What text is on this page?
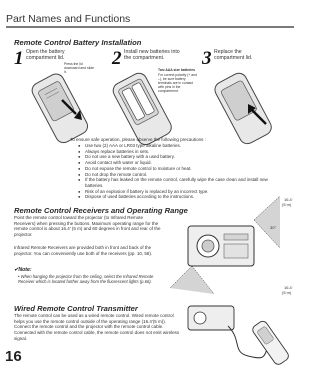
Part Names and Functions
Remote Control Battery Installation
1 Open the battery compartment lid.
Press the lid downward and slide it.
2 Install new batteries into the compartment.
Two AAA size batteries
For correct polarity (+ and –), be sure battery terminals are in contact with pins in the compartment.
3 Replace the compartment lid.
To ensure safe operation, please observe the following precautions :
● Use two (2) AAA or LR03 type alkaline batteries.
● Always replace batteries in sets.
● Do not use a new battery with a used battery.
● Avoid contact with water or liquid.
● Do not expose the remote control to moisture or heat.
● Do not drop the remote control.
● If the battery has leaked on the remote control, carefully wipe the case clean and install new batteries.
● Risk of an explosion if battery is replaced by an incorrect type.
● Dispose of used batteries according to the instructions.
Remote Control Receivers and Operating Range
Point the remote control toward the projector (to Infrared Remote Receivers) when pressing the buttons. Maximum operating range for the remote control is about 16.4' (5 m) and 60 degrees in front and rear of the projector.
Infrared Remote Receivers are provided both in front and back of the projector. You can conveniently use both of the receivers (pp. 10, 58).
✔Note:
• When hanging the projector from the ceiling, select the Infrared Remote Receiver which is located farther away from the fluorescent lights (p.66).
16.4'
(5 m)
30°
16.4'
(5 m)
Wired Remote Control Transmitter
The remote control can be used as a wired remote control. Wired remote control helps you use the remote control outside of the operating range (16.4'(5 m)). Connect the remote control and the projector with the remote control cable. Connected with the remote control cable, the remote control does not emit wireless signal.
16
